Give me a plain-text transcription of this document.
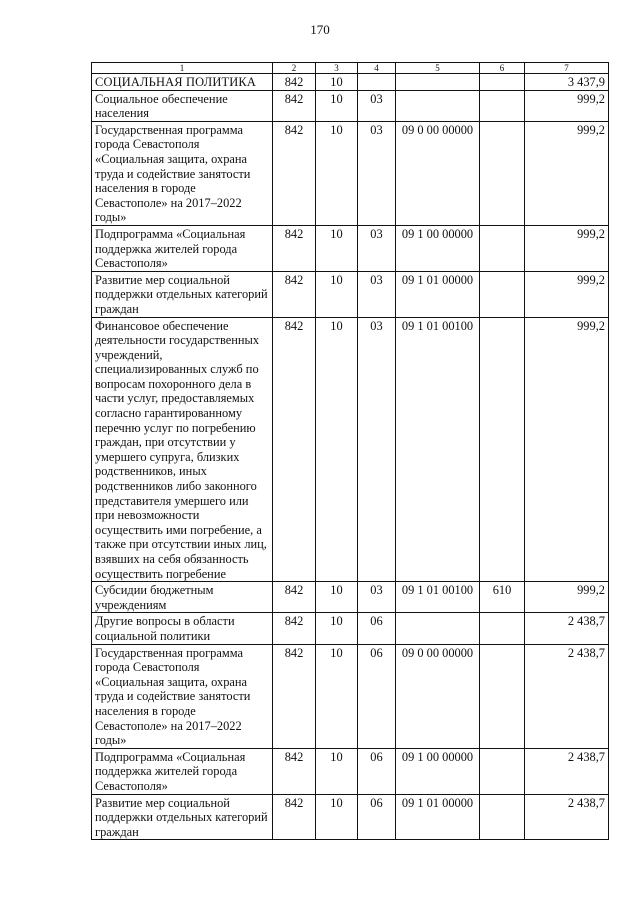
170
1	2	3	4	5	6	7
СОЦИАЛЬНАЯ ПОЛИТИКА	842	10				3 437,9
Социальное обеспечение населения	842	10	03			999,2
Государственная программа города Севастополя «Социальная защита, охрана труда и содействие занятости населения в городе Севастополе» на 2017–2022 годы»	842	10	03	09 0 00 00000		999,2
Подпрограмма «Социальная поддержка жителей города Севастополя»	842	10	03	09 1 00 00000		999,2
Развитие мер социальной поддержки отдельных категорий граждан	842	10	03	09 1 01 00000		999,2
Финансовое обеспечение деятельности государственных учреждений, специализированных служб по вопросам похоронного дела в части услуг, предоставляемых согласно гарантированному перечню услуг по погребению граждан, при отсутствии у умершего супруга, близких родственников, иных родственников либо законного представителя умершего или при невозможности осуществить ими погребение, а также при отсутствии иных лиц, взявших на себя обязанность осуществить погребение	842	10	03	09 1 01 00100		999,2
Субсидии бюджетным учреждениям	842	10	03	09 1 01 00100	610	999,2
Другие вопросы в области социальной политики	842	10	06			2 438,7
Государственная программа города Севастополя «Социальная защита, охрана труда и содействие занятости населения в городе Севастополе» на 2017–2022 годы»	842	10	06	09 0 00 00000		2 438,7
Подпрограмма «Социальная поддержка жителей города Севастополя»	842	10	06	09 1 00 00000		2 438,7
Развитие мер социальной поддержки отдельных категорий граждан	842	10	06	09 1 01 00000		2 438,7
